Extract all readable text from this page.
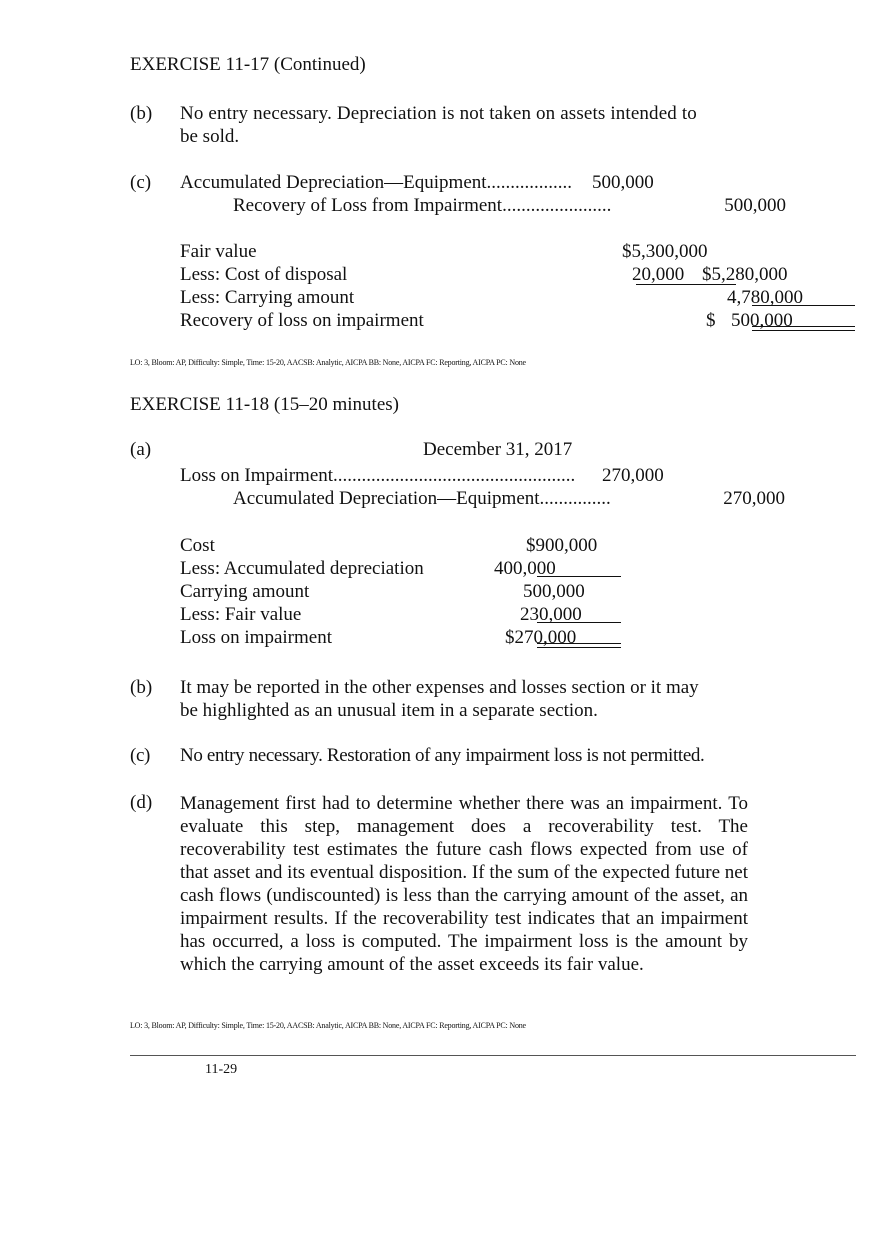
EXERCISE 11-17 (Continued)
(b) No entry necessary. Depreciation is not taken on assets intended to
be sold.
(c) Accumulated Depreciation—Equipment.................. 500,000
Recovery of Loss from Impairment.......................	500,000
Fair value	$5,300,000
Less: Cost of disposal	20,000 $5,280,000
Less: Carrying amount	4,780,000
Recovery of loss on impairment	$ 500,000
LO: 3, Bloom: AP, Difficulty: Simple, Time: 15-20, AACSB: Analytic, AICPA BB: None, AICPA FC: Reporting, AICPA PC: None
EXERCISE 11-18 (15–20 minutes)
(a)	December 31, 2017
Loss on Impairment................................................... 270,000
Accumulated Depreciation—Equipment...............	270,000
Cost	$900,000
Less: Accumulated depreciation	400,000
Carrying amount	500,000
Less: Fair value	230,000
Loss on impairment	$270,000
(b) It may be reported in the other expenses and losses section or it may
be highlighted as an unusual item in a separate section.
(c) No entry necessary. Restoration of any impairment loss is not permitted.
(d) Management first had to determine whether there was an impairment. To evaluate this step, management does a recoverability test. The recoverability test estimates the future cash flows expected from use of that asset and its eventual disposition. If the sum of the expected future net cash flows (undiscounted) is less than the carrying amount of the asset, an impairment results. If the recoverability test indicates that an impairment has occurred, a loss is computed. The impairment loss is the amount by which the carrying amount of the asset exceeds its fair value.
LO: 3, Bloom: AP, Difficulty: Simple, Time: 15-20, AACSB: Analytic, AICPA BB: None, AICPA FC: Reporting, AICPA PC: None
11-29
